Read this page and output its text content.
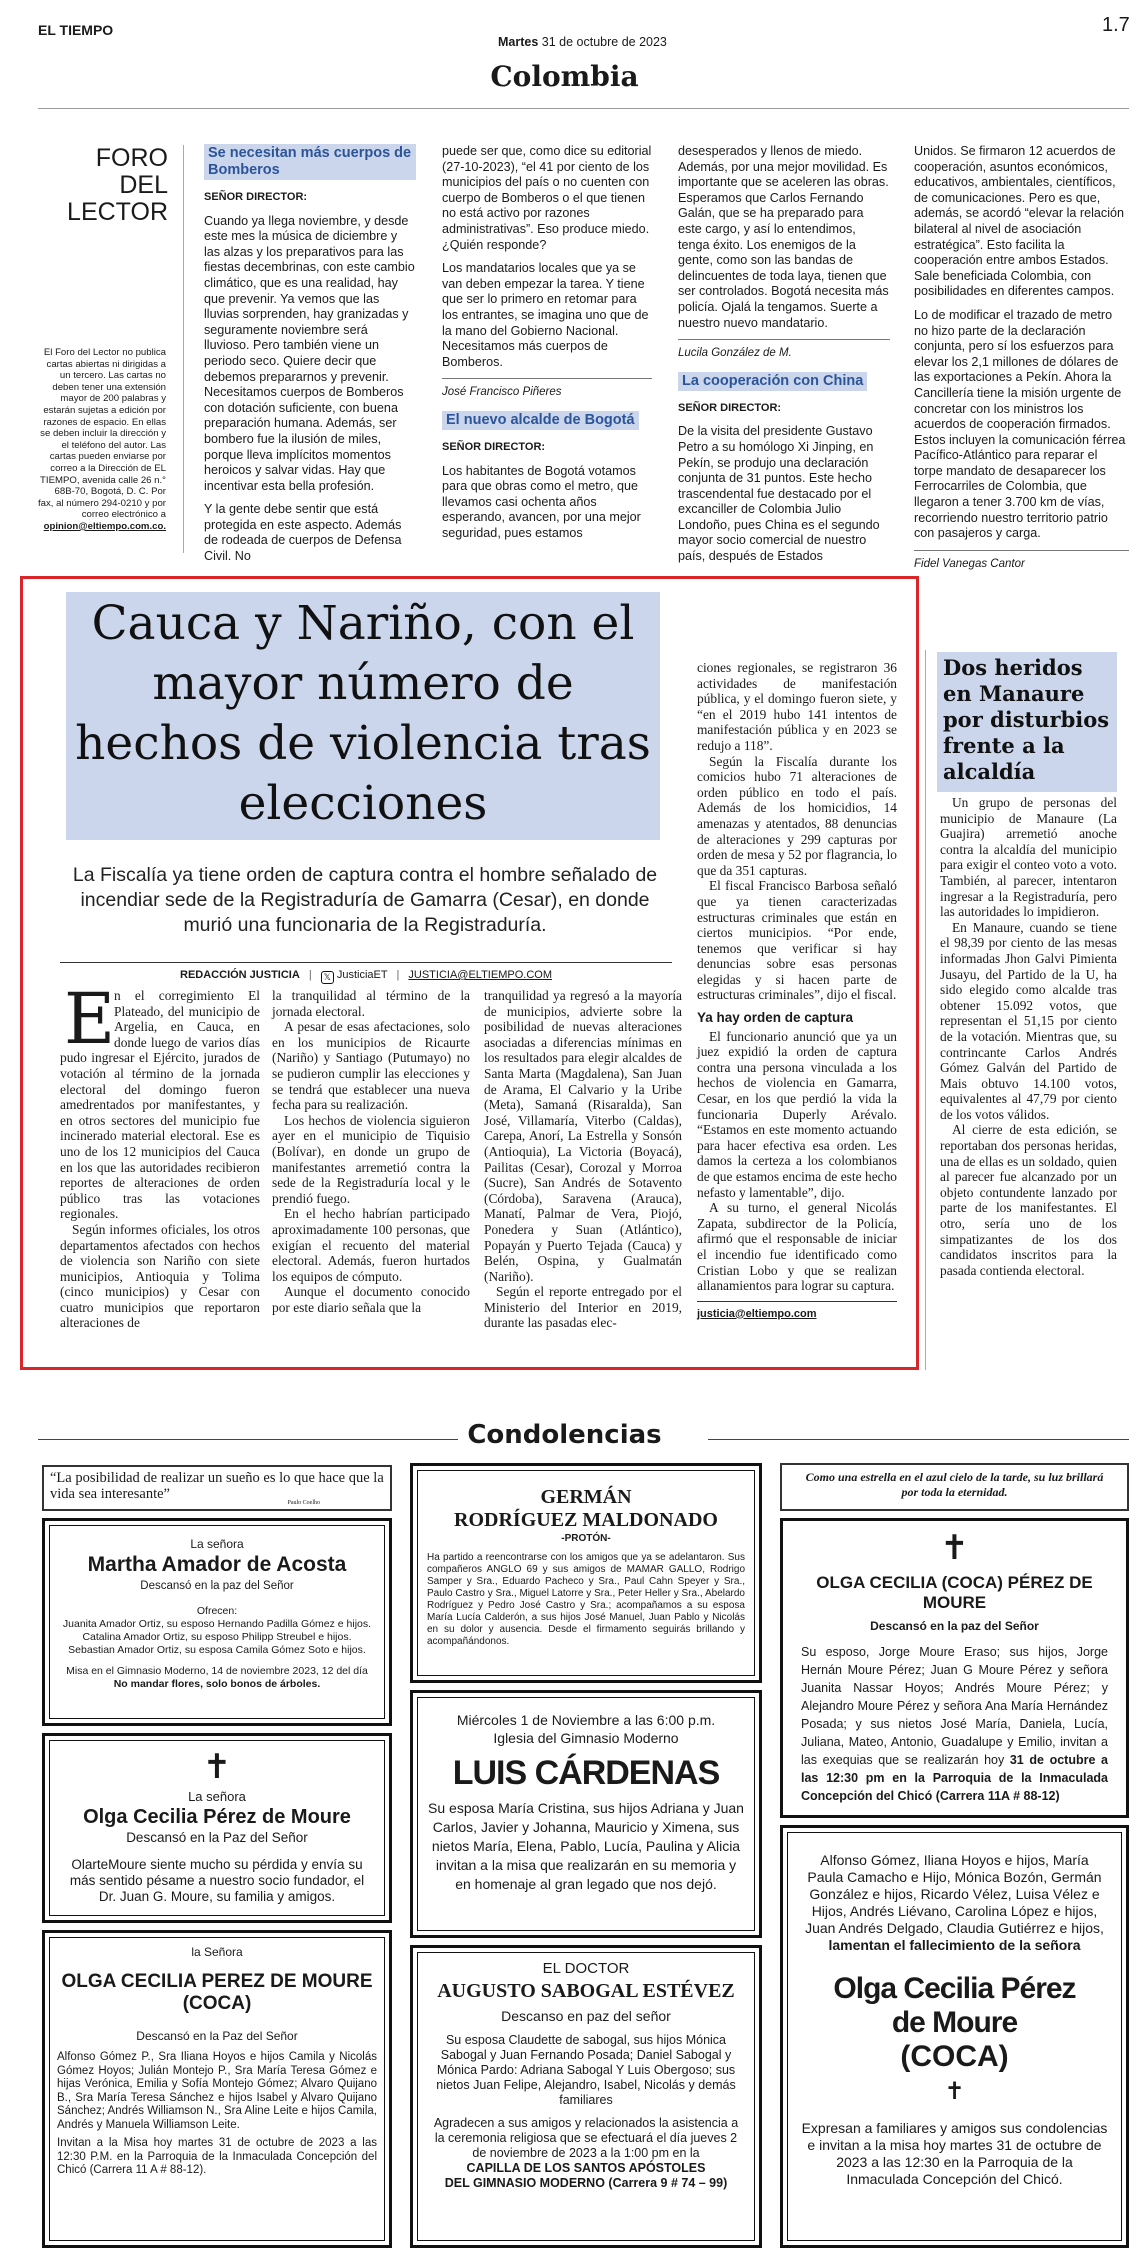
EL TIEMPO
Martes 31 de octubre de 2023
1.7
Colombia
FORO DEL
LECTOR
El Foro del Lector no publica cartas abiertas ni dirigidas a un tercero. Las cartas no deben tener una extensión mayor de 200 palabras y estarán sujetas a edición por razones de espacio. En ellas se deben incluir la dirección y el teléfono del autor. Las cartas pueden enviarse por correo a la Dirección de EL TIEMPO, avenida calle 26 n.° 68B-70, Bogotá, D. C. Por fax, al número 294-0210 y por correo electrónico a opinion@eltiempo.com.co.
Se necesitan más cuerpos de Bomberos
SEÑOR DIRECTOR:

Cuando ya llega noviembre, y desde este mes la música de diciembre y las alzas y los preparativos para las fiestas decembrinas, con este cambio climático, que es una realidad, hay que prevenir. Ya vemos que las lluvias sorprenden, hay granizadas y seguramente noviembre será lluvioso. Pero también viene un periodo seco. Quiere decir que debemos prepararnos y prevenir. Necesitamos cuerpos de Bomberos con dotación suficiente, con buena preparación humana. Además, ser bombero fue la ilusión de miles, porque lleva implícitos momentos heroicos y salvar vidas. Hay que incentivar esta bella profesión.

Y la gente debe sentir que está protegida en este aspecto. Además de rodeada de cuerpos de Defensa Civil. No

puede ser que, como dice su editorial (27-10-2023), “el 41 por ciento de los municipios del país o no cuenten con cuerpo de Bomberos o el que tienen no está activo por razones administrativas”. Eso produce miedo. ¿Quién responde?

Los mandatarios locales que ya se van deben empezar la tarea. Y tiene que ser lo primero en retomar para los entrantes, se imagina uno que de la mano del Gobierno Nacional. Necesitamos más cuerpos de Bomberos.

José Francisco Piñeres
El nuevo alcalde de Bogotá
SEÑOR DIRECTOR:

Los habitantes de Bogotá votamos para que obras como el metro, que llevamos casi ochenta años esperando, avancen, por una mejor seguridad, pues estamos

desesperados y llenos de miedo. Además, por una mejor movilidad. Es importante que se aceleren las obras. Esperamos que Carlos Fernando Galán, que se ha preparado para este cargo, y así lo entendimos, tenga éxito. Los enemigos de la gente, como son las bandas de delincuentes de toda laya, tienen que ser controlados. Bogotá necesita más policía. Ojalá la tengamos. Suerte a nuestro nuevo mandatario.

Lucila González de M.
La cooperación con China
SEÑOR DIRECTOR:

De la visita del presidente Gustavo Petro a su homólogo Xi Jinping, en Pekín, se produjo una declaración conjunta de 31 puntos. Este hecho trascendental fue destacado por el excanciller de Colombia Julio Londoño, pues China es el segundo mayor socio comercial de nuestro país, después de Estados

Unidos. Se firmaron 12 acuerdos de cooperación, asuntos económicos, educativos, ambientales, científicos, de comunicaciones. Pero es que, además, se acordó “elevar la relación bilateral al nivel de asociación estratégica”. Esto facilita la cooperación entre ambos Estados. Sale beneficiada Colombia, con posibilidades en diferentes campos.

Lo de modificar el trazado de metro no hizo parte de la declaración conjunta, pero sí los esfuerzos para elevar los 2,1 millones de dólares de las exportaciones a Pekín. Ahora la Cancillería tiene la misión urgente de concretar con los ministros los acuerdos de cooperación firmados. Estos incluyen la comunicación férrea Pacífico-Atlántico para reparar el torpe mandato de desaparecer los Ferrocarriles de Colombia, que llegaron a tener 3.700 km de vías, recorriendo nuestro territorio patrio con pasajeros y carga.

Fidel Vanegas Cantor
Cauca y Nariño, con el mayor número de hechos de violencia tras elecciones
La Fiscalía ya tiene orden de captura contra el hombre señalado de incendiar sede de la Registraduría de Gamarra (Cesar), en donde murió una funcionaria de la Registraduría.
REDACCIÓN JUSTICIA | 𝕏 JusticiaET | JUSTICIA@ELTIEMPO.COM
E

n el corregimiento El Plateado, del municipio de Argelia, en Cauca, en donde luego de varios días pudo ingresar el Ejército, jurados de votación al término de la jornada electoral del domingo fueron amedrentados por manifestantes, y en otros sectores del municipio fue incinerado material electoral. Ese es uno de los 12 municipios del Cauca en los que las autoridades recibieron reportes de alteraciones de orden público tras las votaciones regionales.

Según informes oficiales, los otros departamentos afectados con hechos de violencia son Nariño con siete municipios, Antioquia y Tolima (cinco municipios) y Cesar con cuatro municipios que reportaron alteraciones de

la tranquilidad al término de la jornada electoral.

A pesar de esas afectaciones, solo en los municipios de Ricaurte (Nariño) y Santiago (Putumayo) no se pudieron cumplir las elecciones y se tendrá que establecer una nueva fecha para su realización.

Los hechos de violencia siguieron ayer en el municipio de Tiquisio (Bolívar), en donde un grupo de manifestantes arremetió contra la sede de la Registraduría local y le prendió fuego.

En el hecho habrían participado aproximadamente 100 personas, que exigían el recuento del material electoral. Además, fueron hurtados los equipos de cómputo.

Aunque el documento conocido por este diario señala que la

tranquilidad ya regresó a la mayoría de municipios, advierte sobre la posibilidad de nuevas alteraciones asociadas a diferencias mínimas en los resultados para elegir alcaldes de Santa Marta (Magdalena), San Juan de Arama, El Calvario y la Uribe (Meta), Samaná (Risaralda), San José, Villamaría, Viterbo (Caldas), Carepa, Anorí, La Estrella y Sonsón (Antioquia), La Victoria (Boyacá), Pailitas (Cesar), Corozal y Morroa (Sucre), San Andrés de Sotavento (Córdoba), Saravena (Arauca), Manatí, Palmar de Vera, Piojó, Ponedera y Suan (Atlántico), Popayán y Puerto Tejada (Cauca) y Belén, Ospina, y Gualmatán (Nariño).

Según el reporte entregado por el Ministerio del Interior en 2019, durante las pasadas elec-

ciones regionales, se registraron 36 actividades de manifestación pública, y el domingo fueron siete, y “en el 2019 hubo 141 intentos de manifestación pública y en 2023 se redujo a 118”.

Según la Fiscalía durante los comicios hubo 71 alteraciones de orden público en todo el país. Además de los homicidios, 14 amenazas y atentados, 88 denuncias de alteraciones y 299 capturas por orden de mesa y 52 por flagrancia, lo que da 351 capturas.

El fiscal Francisco Barbosa señaló que ya tienen caracterizadas estructuras criminales que están en ciertos municipios. “Por ende, tenemos que verificar si hay denuncias sobre esas personas elegidas y si hacen parte de estructuras criminales”, dijo el fiscal.

Ya hay orden de captura

El funcionario anunció que ya un juez expidió la orden de captura contra una persona vinculada a los hechos de violencia en Gamarra, Cesar, en los que perdió la vida la funcionaria Duperly Arévalo. “Estamos en este momento actuando para hacer efectiva esa orden. Les damos la certeza a los colombianos de que estamos encima de este hecho nefasto y lamentable”, dijo.

A su turno, el general Nicolás Zapata, subdirector de la Policía, afirmó que el responsable de iniciar el incendio fue identificado como Cristian Lobo y que se realizan allanamientos para lograr su captura.

justicia@eltiempo.com
Dos heridos en Manaure por disturbios frente a la alcaldía

Un grupo de personas del municipio de Manaure (La Guajira) arremetió anoche contra la alcaldía del municipio para exigir el conteo voto a voto. También, al parecer, intentaron ingresar a la Registraduría, pero las autoridades lo impidieron.

En Manaure, cuando se tiene el 98,39 por ciento de las mesas informadas Jhon Galvi Pimienta Jusayu, del Partido de la U, ha sido elegido como alcalde tras obtener 15.092 votos, que representan el 51,15 por ciento de la votación. Mientras que, su contrincante Carlos Andrés Gómez Galván del Partido de Mais obtuvo 14.100 votos, equivalentes al 47,79 por ciento de los votos válidos.

Al cierre de esta edición, se reportaban dos personas heridas, una de ellas es un soldado, quien al parecer fue alcanzado por un objeto contundente lanzado por parte de los manifestantes. El otro, sería uno de los simpatizantes de los dos candidatos inscritos para la pasada contienda electoral.

Condolencias
“La posibilidad de realizar un sueño es lo que hace que la vida sea interesante”
Paulo Coelho
La señora
Martha Amador de Acosta
Descansó en la paz del Señor
Ofrecen:
Juanita Amador Ortiz, su esposo Hernando Padilla Gómez e hijos.
Catalina Amador Ortiz, su esposo Philipp Streubel e hijos.
Sebastian Amador Ortiz, su esposa Camila Gómez Soto e hijos.
Misa en el Gimnasio Moderno, 14 de noviembre 2023, 12 del día
No mandar flores, solo bonos de árboles.
✝
La señora
Olga Cecilia Pérez de Moure
Descansó en la Paz del Señor
OlarteMoure siente mucho su pérdida y envía su más sentido pésame a nuestro socio fundador, el Dr. Juan G. Moure, su familia y amigos.
la Señora
OLGA CECILIA PEREZ DE MOURE
(COCA)
Descansó en la Paz del Señor
Alfonso Gómez P., Sra Iliana Hoyos e hijos Camila y Nicolás Gómez Hoyos; Julián Montejo P., Sra María Teresa Gómez e hijas Verónica, Emilia y Sofía Montejo Gómez; Alvaro Quijano B., Sra María Teresa Sánchez e hijos Isabel y Alvaro Quijano Sánchez; Andrés Williamson N., Sra Aline Leite e hijos Camila, Andrés y Manuela Williamson Leite.
Invitan a la Misa hoy martes 31 de octubre de 2023 a las 12:30 P.M. en la Parroquia de la Inmaculada Concepción del Chicó (Carrera 11 A # 88-12).
GERMÁN
RODRÍGUEZ MALDONADO
-PROTÓN-
Ha partido a reencontrarse con los amigos que ya se adelantaron. Sus compañeros ANGLO 69 y sus amigos de MAMAR GALLO, Rodrigo Samper y Sra., Eduardo Pacheco y Sra., Paul Cahn Speyer y Sra., Paulo Castro y Sra., Miguel Latorre y Sra., Peter Heller y Sra., Abelardo Rodríguez y Pedro José Castro y Sra.; acompañamos a su esposa María Lucía Calderón, a sus hijos José Manuel, Juan Pablo y Nicolás en su dolor y ausencia. Desde el firmamento seguirás brillando y acompañándonos.
Miércoles 1 de Noviembre a las 6:00 p.m.
Iglesia del Gimnasio Moderno
LUIS CÁRDENAS
Su esposa María Cristina, sus hijos Adriana y Juan Carlos, Javier y Johanna, Mauricio y Ximena, sus nietos María, Elena, Pablo, Lucía, Paulina y Alicia invitan a la misa que realizarán en su memoria y en homenaje al gran legado que nos dejó.
EL DOCTOR
AUGUSTO SABOGAL ESTÉVEZ
Descanso en paz del señor
Su esposa Claudette de sabogal, sus hijos Mónica Sabogal y Juan Fernando Posada; Daniel Sabogal y Mónica Pardo: Adriana Sabogal Y Luis Obergoso; sus nietos Juan Felipe, Alejandro, Isabel, Nicolás y demás familiares
Agradecen a sus amigos y relacionados la asistencia a la ceremonia religiosa que se efectuará el día jueves 2 de noviembre de 2023 a la 1:00 pm en la
CAPILLA DE LOS SANTOS APÓSTOLES
DEL GIMNASIO MODERNO (Carrera 9 # 74 – 99)
Como una estrella en el azul cielo de la tarde, su luz brillará por toda la eternidad.
✝
OLGA CECILIA (COCA) PÉREZ DE MOURE
Descansó en la paz del Señor
Su esposo, Jorge Moure Eraso; sus hijos, Jorge Hernán Moure Pérez; Juan G Moure Pérez y señora Juanita Nassar Hoyos; Andrés Moure Pérez; y Alejandro Moure Pérez y señora Ana María Hernández Posada; y sus nietos José María, Daniela, Lucía, Juliana, Mateo, Antonio, Guadalupe y Emilio, invitan a las exequias que se realizarán hoy 31 de octubre a las 12:30 pm en la Parroquia de la Inmaculada Concepción del Chicó (Carrera 11A # 88-12)
Alfonso Gómez, Iliana Hoyos e hijos, María Paula Camacho e Hijo, Mónica Bozón, Germán González e hijos, Ricardo Vélez, Luisa Vélez e Hijos, Andrés Liévano, Carolina López e hijos, Juan Andrés Delgado, Claudia Gutiérrez e hijos,
lamentan el fallecimiento de la señora
Olga Cecilia Pérez
de Moure
(COCA)
✝
Expresan a familiares y amigos sus condolencias e invitan a la misa hoy martes 31 de octubre de 2023 a las 12:30 en la Parroquia de la Inmaculada Concepción del Chicó.
